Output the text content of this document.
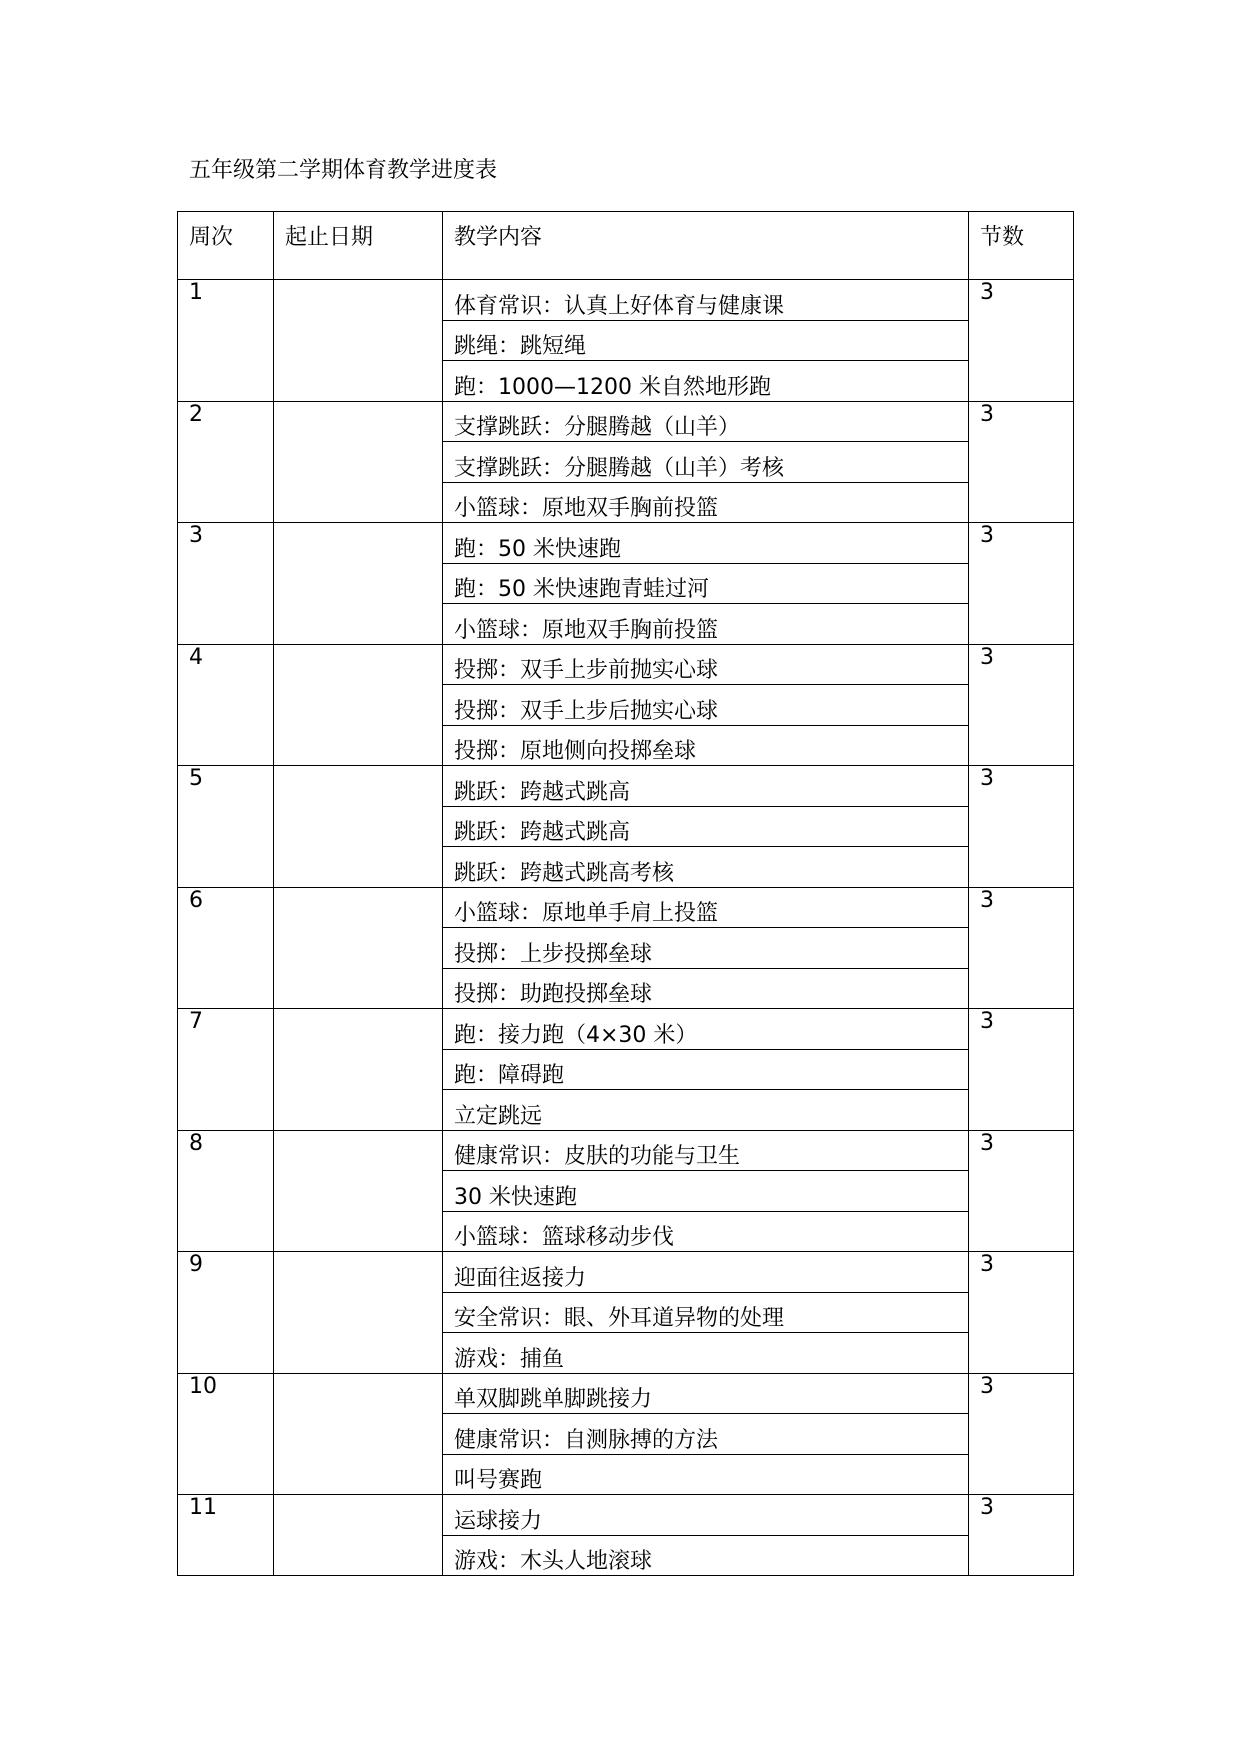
五年级第二学期体育教学进度表
周次	起止日期	教学内容	节数
1		体育常识：认真上好体育与健康课	3
		跳绳：跳短绳	
		跑：1000—1200 米自然地形跑	
2		支撑跳跃：分腿腾越（山羊）	3
		支撑跳跃：分腿腾越（山羊）考核	
		小篮球：原地双手胸前投篮	
3		跑：50 米快速跑	3
		跑：50 米快速跑青蛙过河	
		小篮球：原地双手胸前投篮	
4		投掷：双手上步前抛实心球	3
		投掷：双手上步后抛实心球	
		投掷：原地侧向投掷垒球	
5		跳跃：跨越式跳高	3
		跳跃：跨越式跳高	
		跳跃：跨越式跳高考核	
6		小篮球：原地单手肩上投篮	3
		投掷：上步投掷垒球	
		投掷：助跑投掷垒球	
7		跑：接力跑（4×30 米）	3
		跑：障碍跑	
		立定跳远	
8		健康常识：皮肤的功能与卫生	3
		30 米快速跑	
		小篮球：篮球移动步伐	
9		迎面往返接力	3
		安全常识：眼、外耳道异物的处理	
		游戏：捕鱼	
10		单双脚跳单脚跳接力	3
		健康常识：自测脉搏的方法	
		叫号赛跑	
11		运球接力	3
		游戏：木头人地滚球	
